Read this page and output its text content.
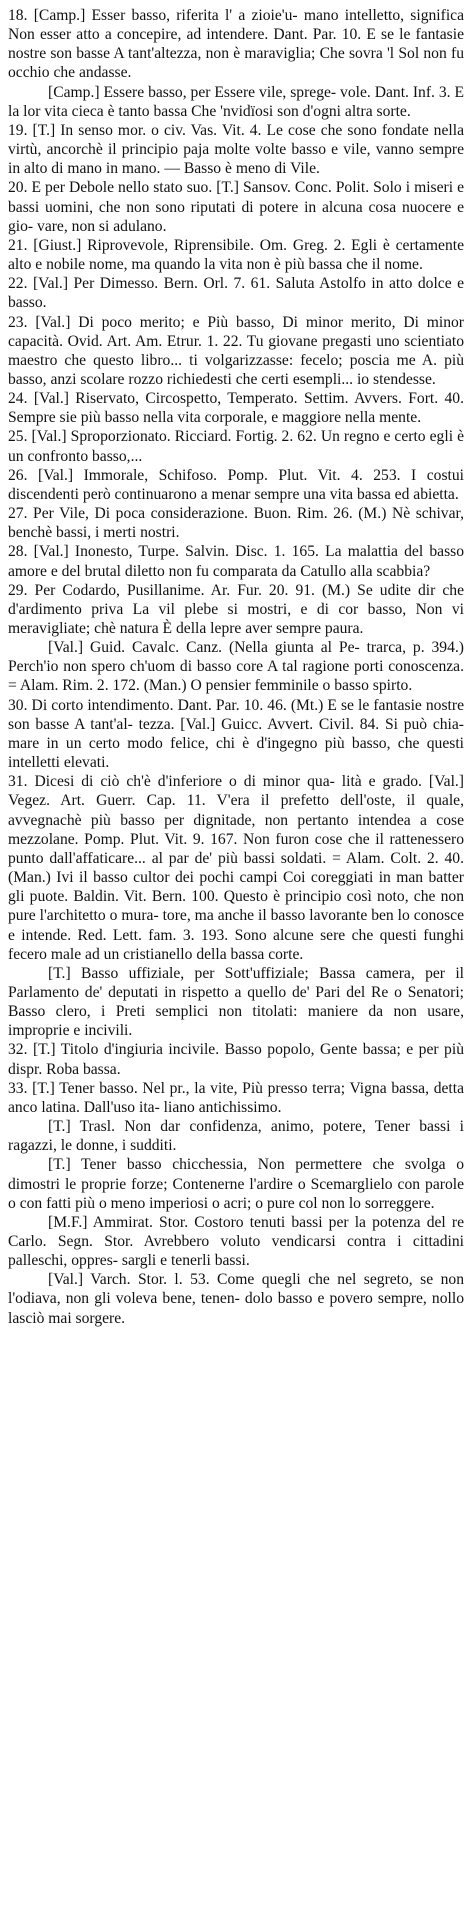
18. [Camp.] Esser basso, riferita l' a zioie'u- mano intelletto, significa Non esser atto a concepire, ad intendere. Dant. Par. 10. E se le fantasie nostre son basse A tant'altezza, non è maraviglia; Che sovra 'l Sol non fu occhio che andasse.
[Camp.] Essere basso, per Essere vile, sprege- vole. Dant. Inf. 3. E la lor vita cieca è tanto bassa Che 'nvidïosi son d'ogni altra sorte.
19. [T.] In senso mor. o civ. Vas. Vit. 4. Le cose che sono fondate nella virtù, ancorchè il principio paja molte volte basso e vile, vanno sempre in alto di mano in mano. — Basso è meno di Vile.
20. E per Debole nello stato suo. [T.] Sansov. Conc. Polit. Solo i miseri e bassi uomini, che non sono riputati di potere in alcuna cosa nuocere e gio- vare, non si adulano.
21. [Giust.] Riprovevole, Riprensibile. Om. Greg. 2. Egli è certamente alto e nobile nome, ma quando la vita non è più bassa che il nome.
22. [Val.] Per Dimesso. Bern. Orl. 7. 61. Saluta Astolfo in atto dolce e basso.
23. [Val.] Di poco merito; e Più basso, Di minor merito, Di minor capacità. Ovid. Art. Am. Etrur. 1. 22. Tu giovane pregasti uno scientiato maestro che questo libro... ti volgarizzasse: fecelo; poscia me A. più basso, anzi scolare rozzo richiedesti che certi esempli... io stendesse.
24. [Val.] Riservato, Circospetto, Temperato. Settim. Avvers. Fort. 40. Sempre sie più basso nella vita corporale, e maggiore nella mente.
25. [Val.] Sproporzionato. Ricciard. Fortig. 2. 62. Un regno e certo egli è un confronto basso,...
26. [Val.] Immorale, Schifoso. Pomp. Plut. Vit. 4. 253. I costui discendenti però continuarono a menar sempre una vita bassa ed abietta.
27. Per Vile, Di poca considerazione. Buon. Rim. 26. (M.) Nè schivar, benchè bassi, i merti nostri.
28. [Val.] Inonesto, Turpe. Salvin. Disc. 1. 165. La malattia del basso amore e del brutal diletto non fu comparata da Catullo alla scabbia?
29. Per Codardo, Pusillanime. Ar. Fur. 20. 91. (M.) Se udite dir che d'ardimento priva La vil plebe si mostri, e di cor basso, Non vi meravigliate; chè natura È della lepre aver sempre paura.
[Val.] Guid. Cavalc. Canz. (Nella giunta al Pe- trarca, p. 394.) Perch'io non spero ch'uom di basso core A tal ragione porti conoscenza. = Alam. Rim. 2. 172. (Man.) O pensier femminile o basso spirto.
30. Di corto intendimento. Dant. Par. 10. 46. (Mt.) E se le fantasie nostre son basse A tant'al- tezza. [Val.] Guicc. Avvert. Civil. 84. Si può chia- mare in un certo modo felice, chi è d'ingegno più basso, che questi intelletti elevati.
31. Dicesi di ciò ch'è d'inferiore o di minor qua- lità e grado. [Val.] Vegez. Art. Guerr. Cap. 11. V'era il prefetto dell'oste, il quale, avvegnachè più basso per dignitade, non pertanto intendea a cose mezzolane. Pomp. Plut. Vit. 9. 167. Non furon cose che il rattenessero punto dall'affaticare... al par de' più bassi soldati. = Alam. Colt. 2. 40. (Man.) Ivi il basso cultor dei pochi campi Coi coreggiati in man batter gli puote. Baldin. Vit. Bern. 100. Questo è principio così noto, che non pure l'architetto o mura- tore, ma anche il basso lavorante ben lo conosce e intende. Red. Lett. fam. 3. 193. Sono alcune sere che questi funghi fecero male ad un cristianello della bassa corte.
[T.] Basso uffiziale, per Sott'uffiziale; Bassa camera, per il Parlamento de' deputati in rispetto a quello de' Pari del Re o Senatori; Basso clero, i Preti semplici non titolati: maniere da non usare, improprie e incivili.
32. [T.] Titolo d'ingiuria incivile. Basso popolo, Gente bassa; e per più dispr. Roba bassa.
33. [T.] Tener basso. Nel pr., la vite, Più presso terra; Vigna bassa, detta anco latina. Dall'uso ita- liano antichissimo.
[T.] Trasl. Non dar confidenza, animo, potere, Tener bassi i ragazzi, le donne, i sudditi.
[T.] Tener basso chicchessia, Non permettere che svolga o dimostri le proprie forze; Contenerne l'ardire o Scemarglielo con parole o con fatti più o meno imperiosi o acri; o pure col non lo sorreggere.
[M.F.] Ammirat. Stor. Costoro tenuti bassi per la potenza del re Carlo. Segn. Stor. Avrebbero voluto vendicarsi contra i cittadini palleschi, oppres- sargli e tenerli bassi.
[Val.] Varch. Stor. l. 53. Come quegli che nel segreto, se non l'odiava, non gli voleva bene, tenen- dolo basso e povero sempre, nollo lasciò mai sorgere.
